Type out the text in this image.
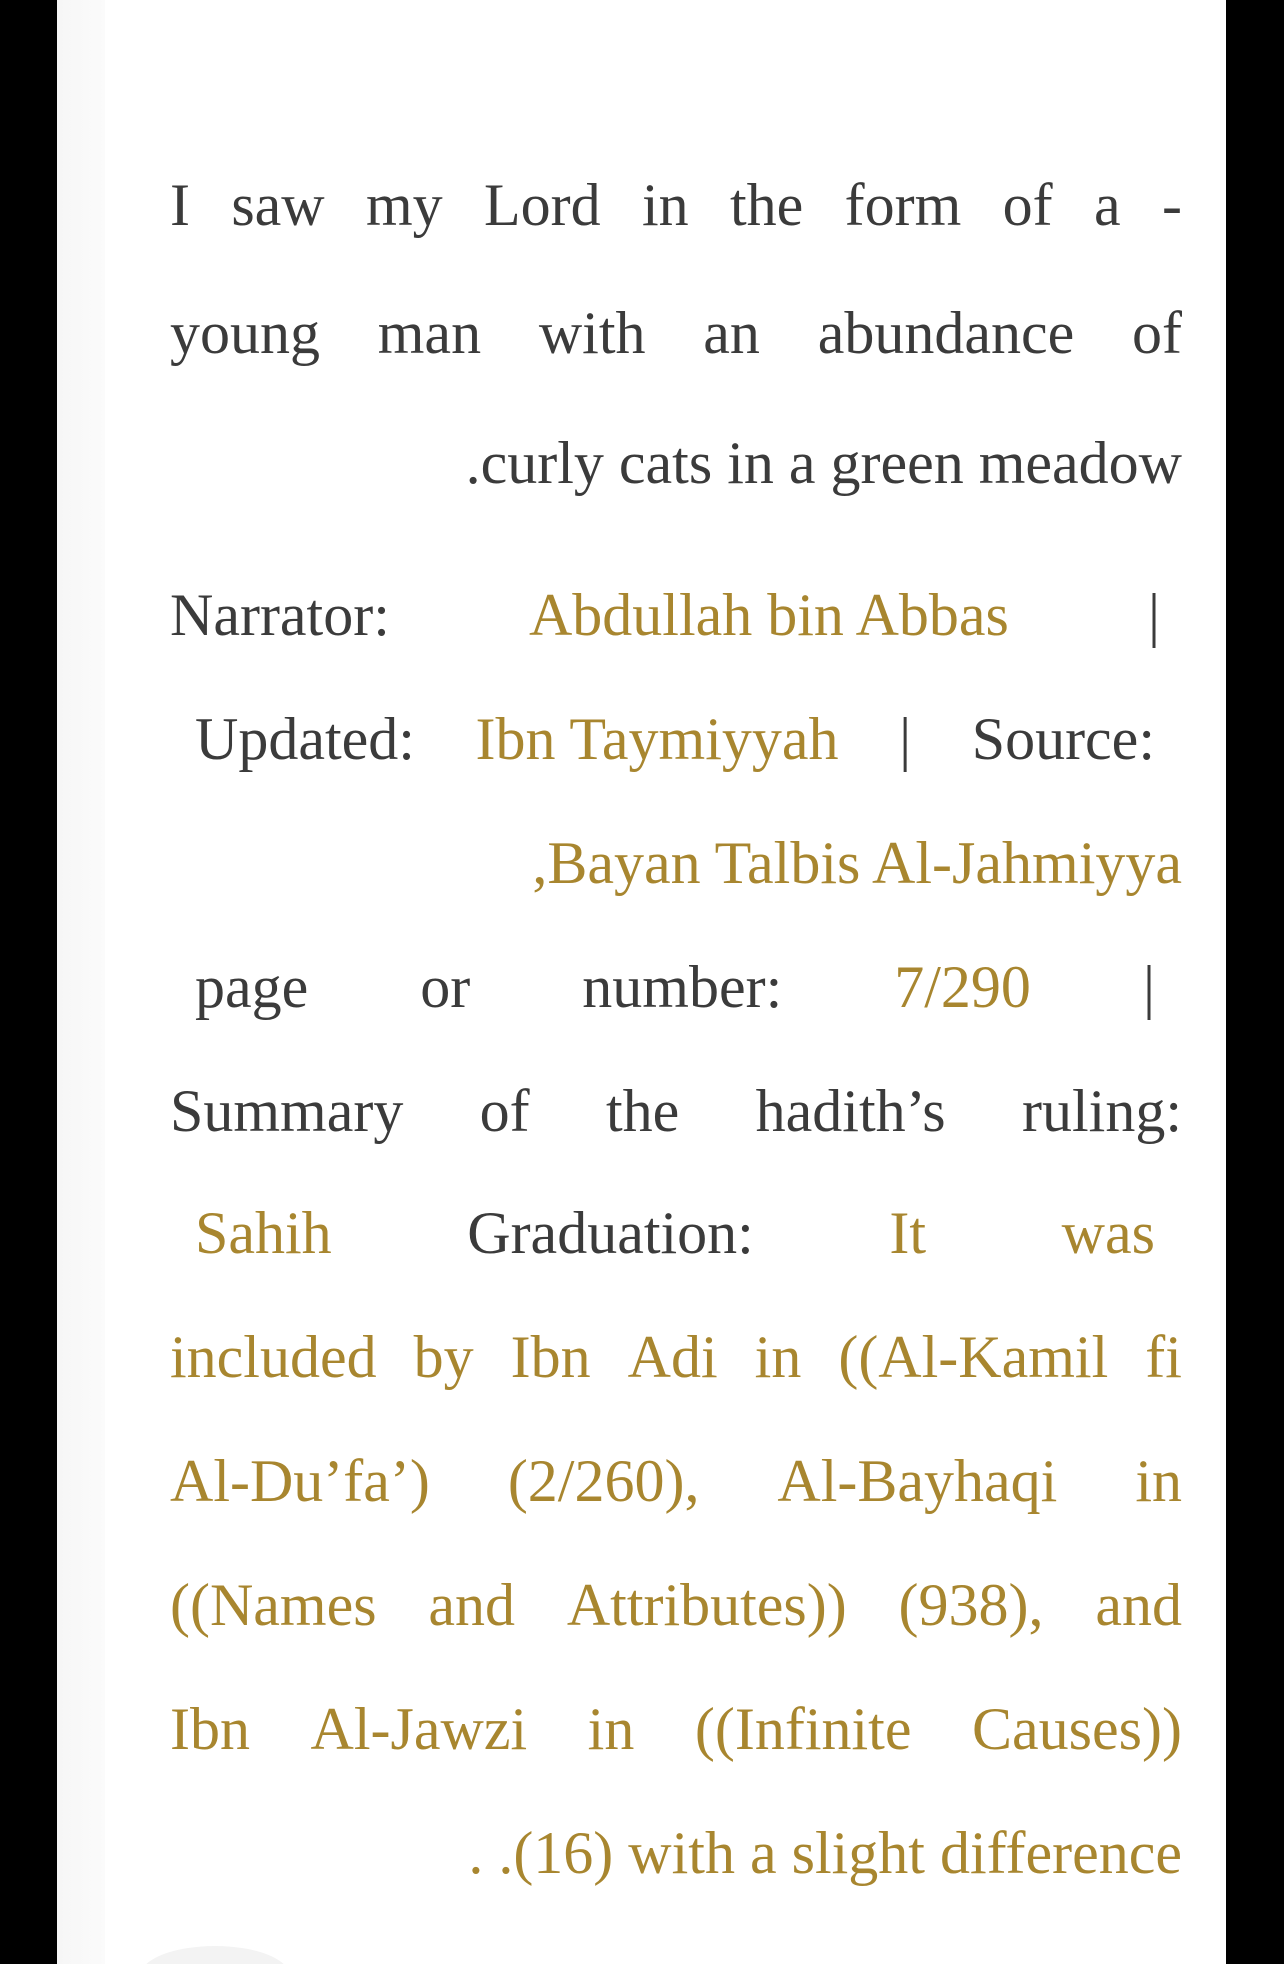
I saw my Lord in the form of a -
young man with an abundance of
.curly cats in a green meadow
Narrator: Abdullah bin Abbas |
Updated: Ibn Taymiyyah | Source:
,Bayan Talbis Al-Jahmiyya
page or number: 7/290 |
Summary of the hadith’s ruling:
Sahih Graduation: It was
included by Ibn Adi in ((Al-Kamil fi
Al-Du’fa’) (2/260), Al-Bayhaqi in
((Names and Attributes)) (938), and
Ibn Al-Jawzi in ((Infinite Causes))
. .(16) with a slight difference
